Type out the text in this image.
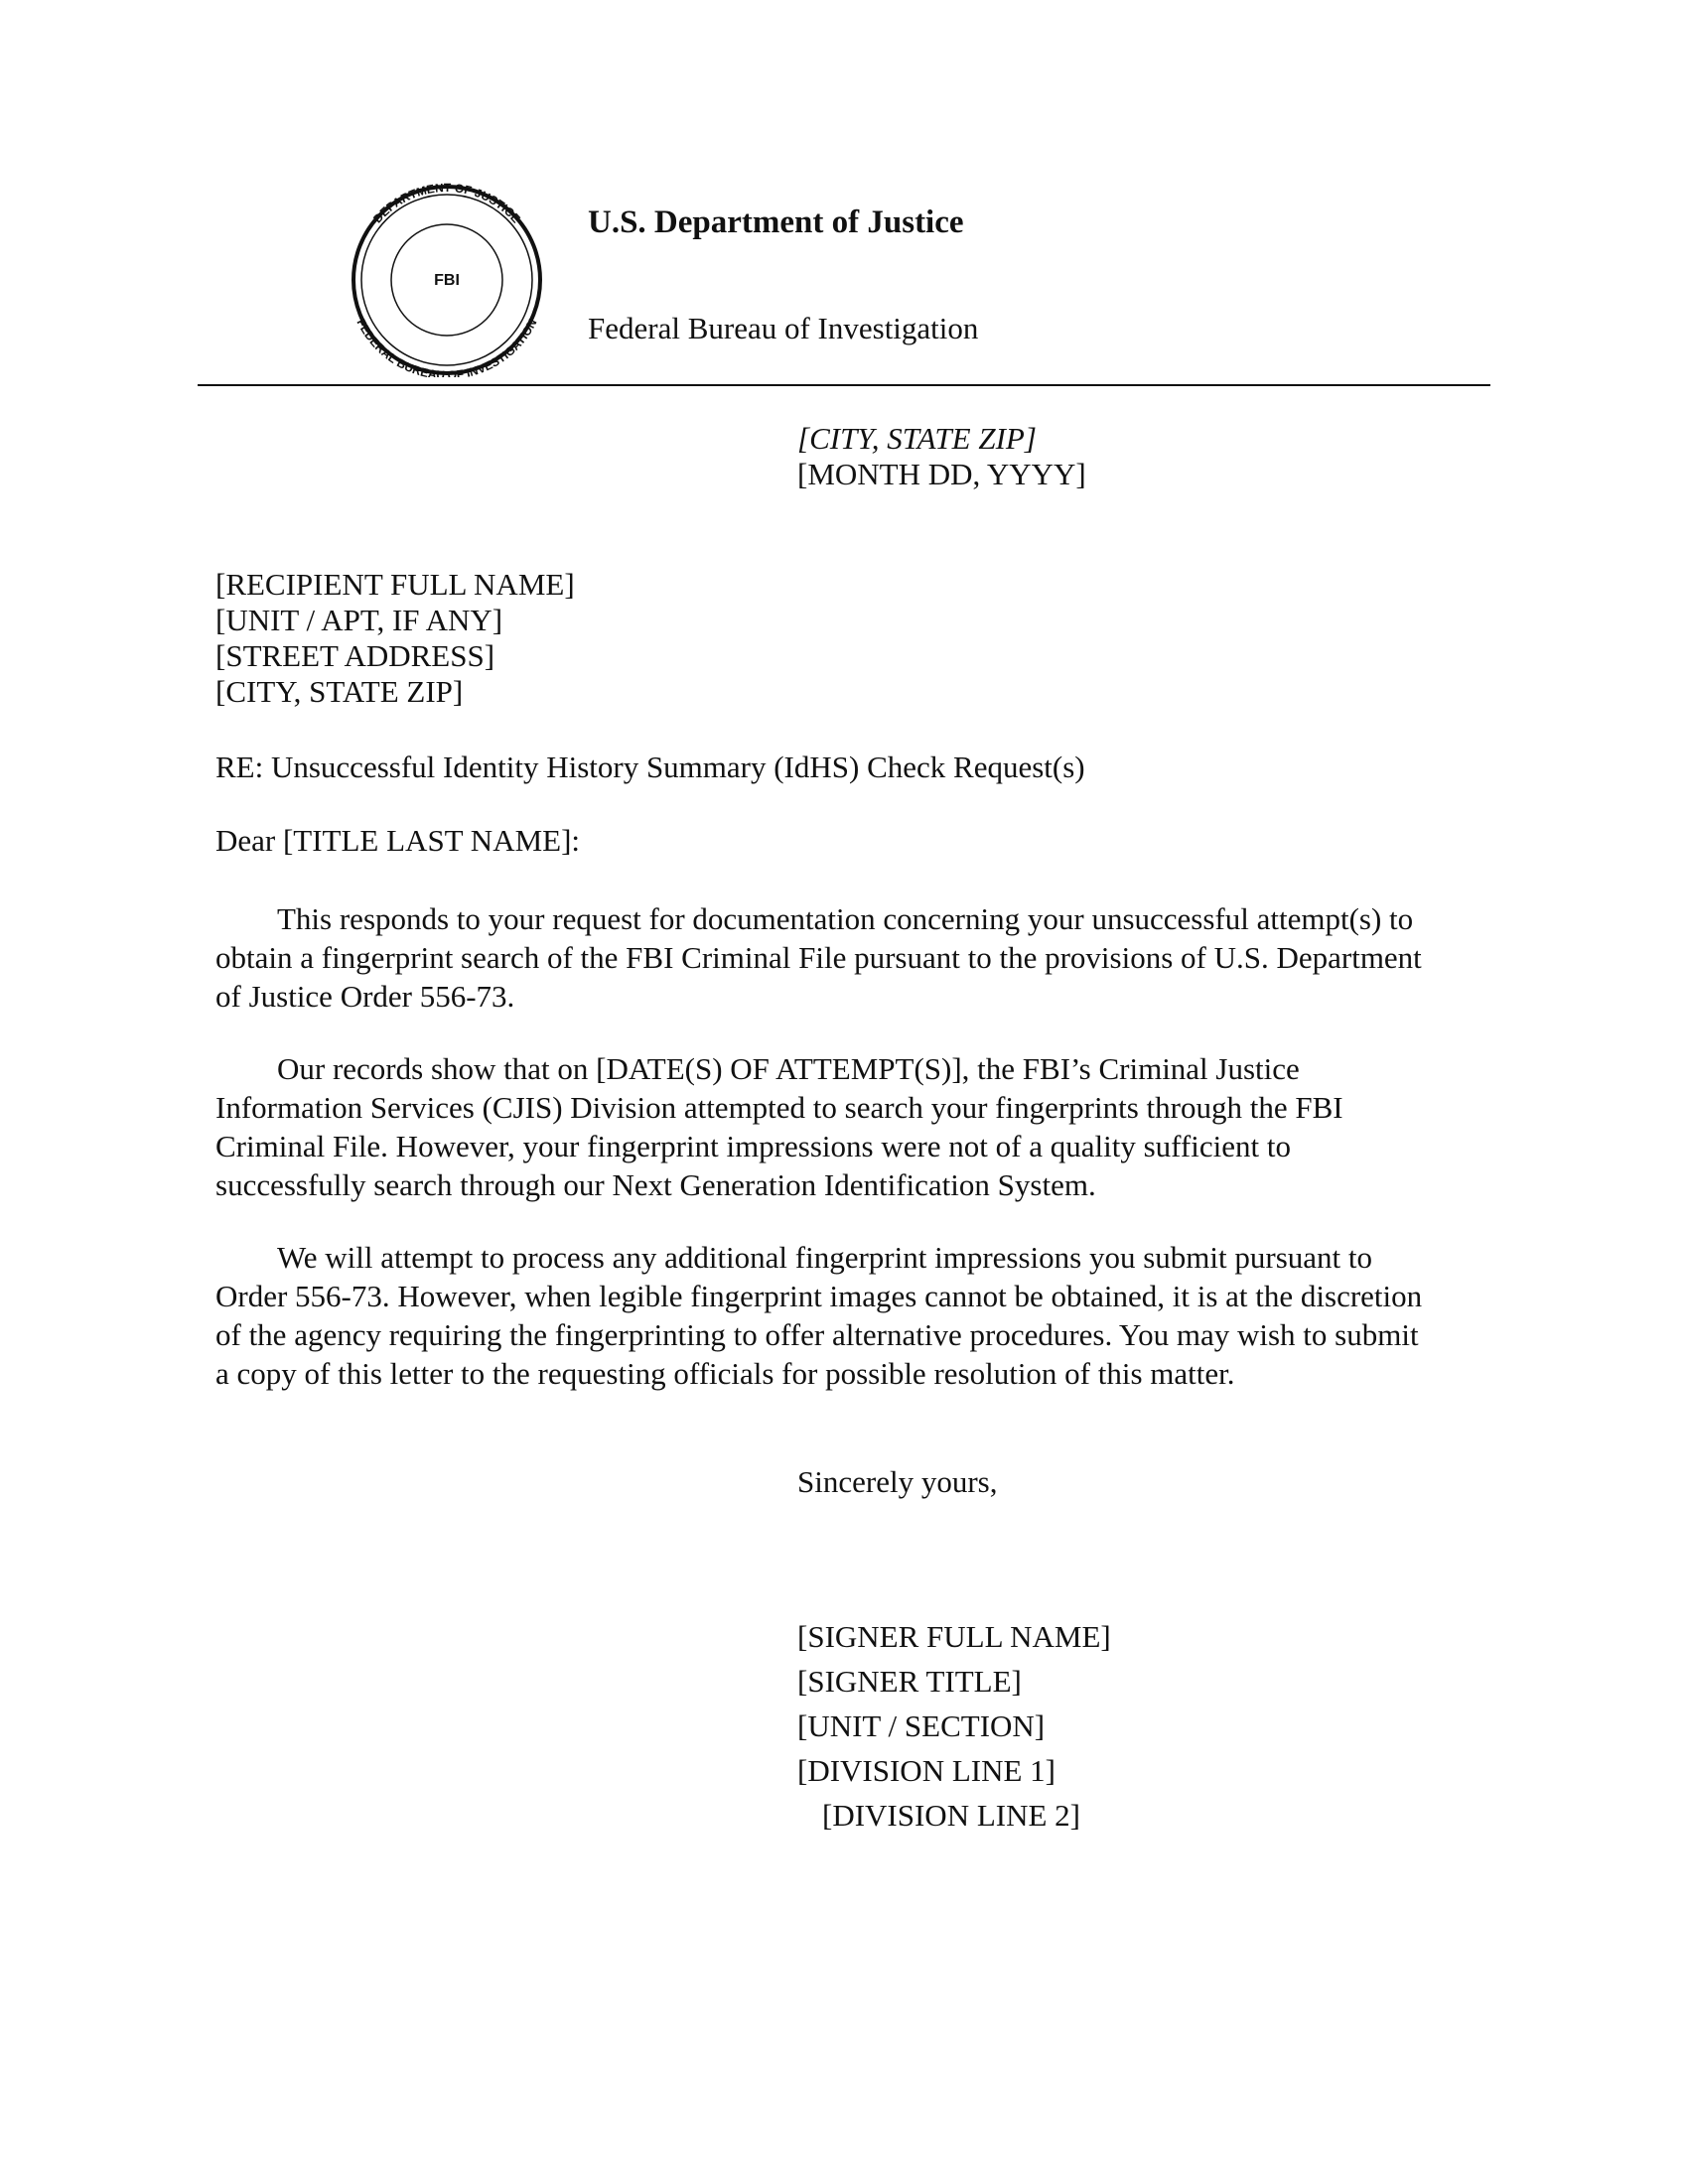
DEPARTMENT OF JUSTICE
FBI
FEDERAL BUREAU OF INVESTIGATION
U.S. Department of Justice
Federal Bureau of Investigation
[CITY, STATE ZIP]
[MONTH DD, YYYY]
[RECIPIENT FULL NAME]
[UNIT / APT, IF ANY]
[STREET ADDRESS]
[CITY, STATE ZIP]
RE: Unsuccessful Identity History Summary (IdHS) Check Request(s)
Dear [TITLE LAST NAME]:
This responds to your request for documentation concerning your unsuccessful attempt(s) to
obtain a fingerprint search of the FBI Criminal File pursuant to the provisions of U.S. Department
of Justice Order 556-73.
Our records show that on [DATE(S) OF ATTEMPT(S)], the FBI’s Criminal Justice
Information Services (CJIS) Division attempted to search your fingerprints through the FBI
Criminal File. However, your fingerprint impressions were not of a quality sufficient to
successfully search through our Next Generation Identification System.
We will attempt to process any additional fingerprint impressions you submit pursuant to
Order 556-73. However, when legible fingerprint images cannot be obtained, it is at the discretion
of the agency requiring the fingerprinting to offer alternative procedures. You may wish to submit
a copy of this letter to the requesting officials for possible resolution of this matter.
Sincerely yours,
[SIGNER FULL NAME]
[SIGNER TITLE]
[UNIT / SECTION]
[DIVISION LINE 1]
[DIVISION LINE 2]
